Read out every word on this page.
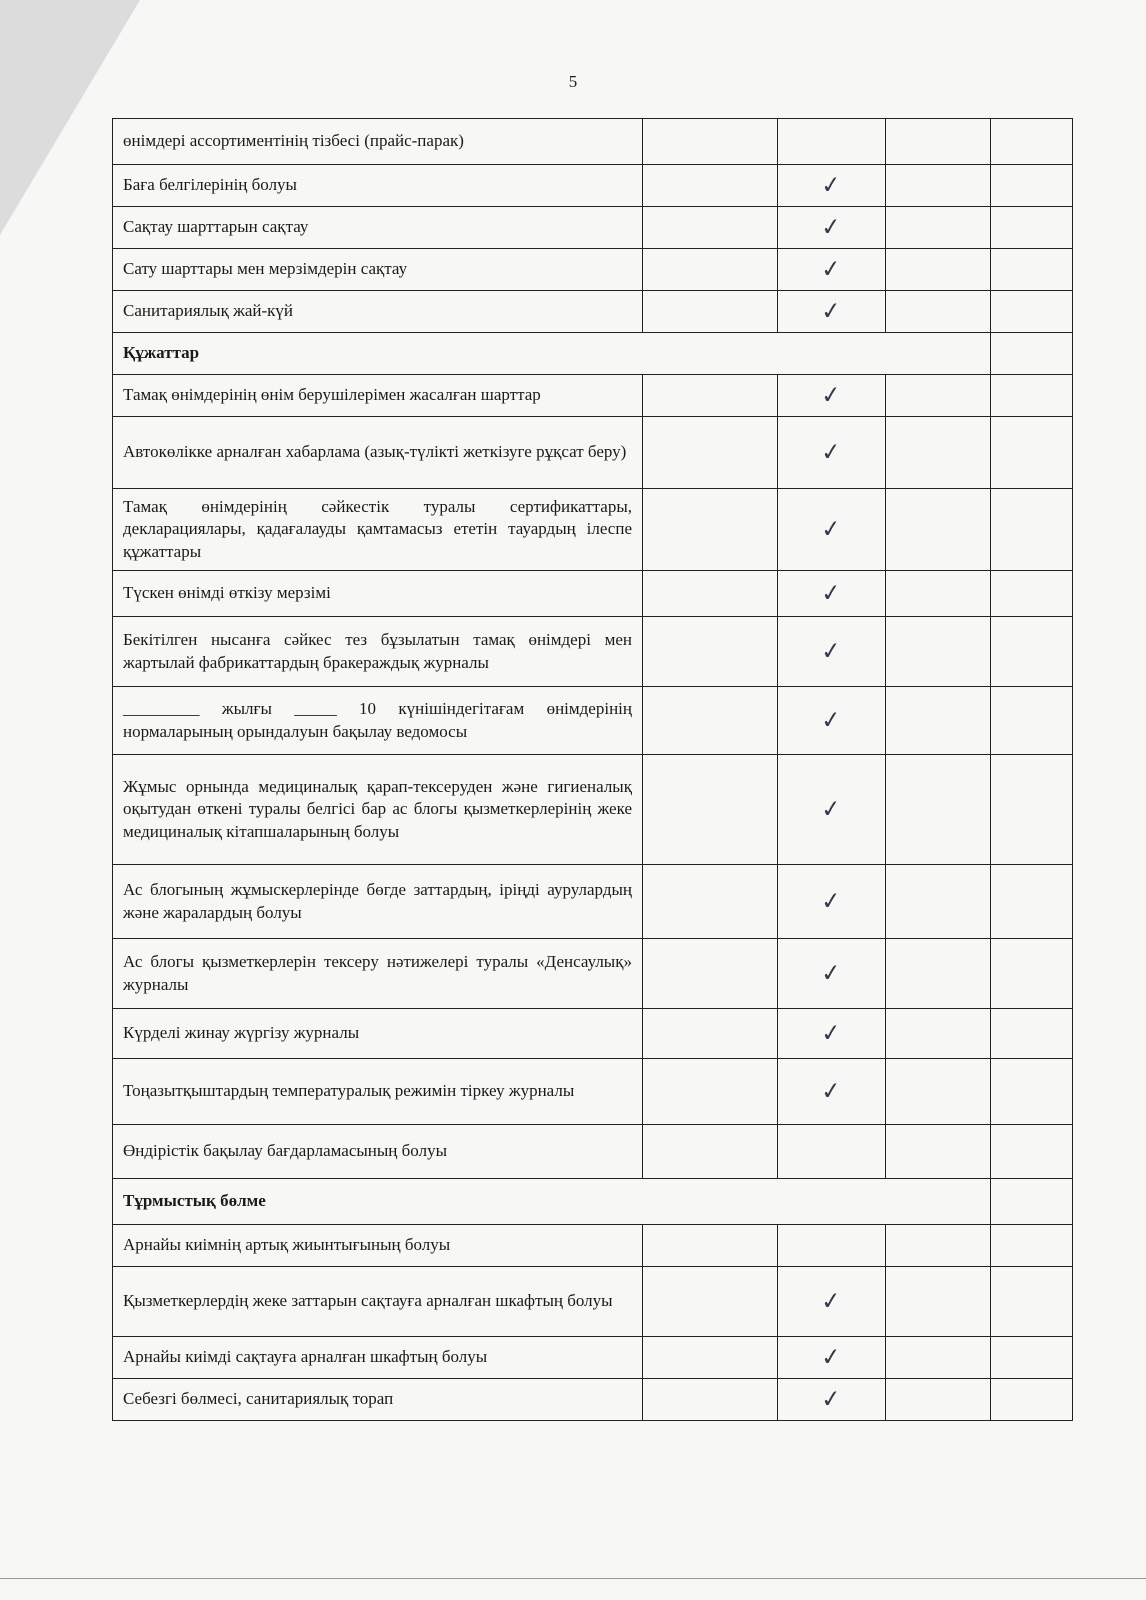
5
өнімдері ассортиментінің тізбесі (прайс-парак)				
Баға белгілерінің болуы		✓		
Сақтау шарттарын сақтау		✓		
Сату шарттары мен мерзімдерін сақтау		✓		
Санитариялық жай-күй		✓		
Құжаттар				
Тамақ өнімдерінің өнім берушілерімен жасалған шарттар		✓		
Автокөлікке арналған хабарлама (азық-түлікті жеткізуге рұқсат беру)		✓		
Тамақ өнімдерінің сәйкестік туралы сертификаттары, декларациялары, қадағалауды қамтамасыз ететін тауардың ілеспе құжаттары		✓		
Түскен өнімді өткізу мерзімі		✓		
Бекітілген нысанға сәйкес тез бұзылатын тамақ өнімдері мен жартылай фабрикаттардың бракераждық журналы		✓		
_________ жылғы _____ 10 күнішіндегітағам өнімдерінің нормаларының орындалуын бақылау ведомосы		✓		
Жұмыс орнында медициналық қарап-тексеруден және гигиеналық оқытудан өткені туралы белгісі бар ас блогы қызметкерлерінің жеке медициналық кітапшаларының болуы		✓		
Ас блогының жұмыскерлерінде бөгде заттардың, іріңді аурулардың және жаралардың болуы		✓		
Ас блогы қызметкерлерін тексеру нәтижелері туралы «Денсаулық» журналы		✓		
Күрделі жинау жүргізу журналы		✓		
Тоңазытқыштардың температуралық режимін тіркеу журналы		✓		
Өндірістік бақылау бағдарламасының болуы				
Тұрмыстық бөлме				
Арнайы киімнің артық жиынтығының болуы				
Қызметкерлердің жеке заттарын сақтауға арналған шкафтың болуы		✓		
Арнайы киімді сақтауға арналған шкафтың болуы		✓		
Себезгі бөлмесі, санитариялық торап		✓		
